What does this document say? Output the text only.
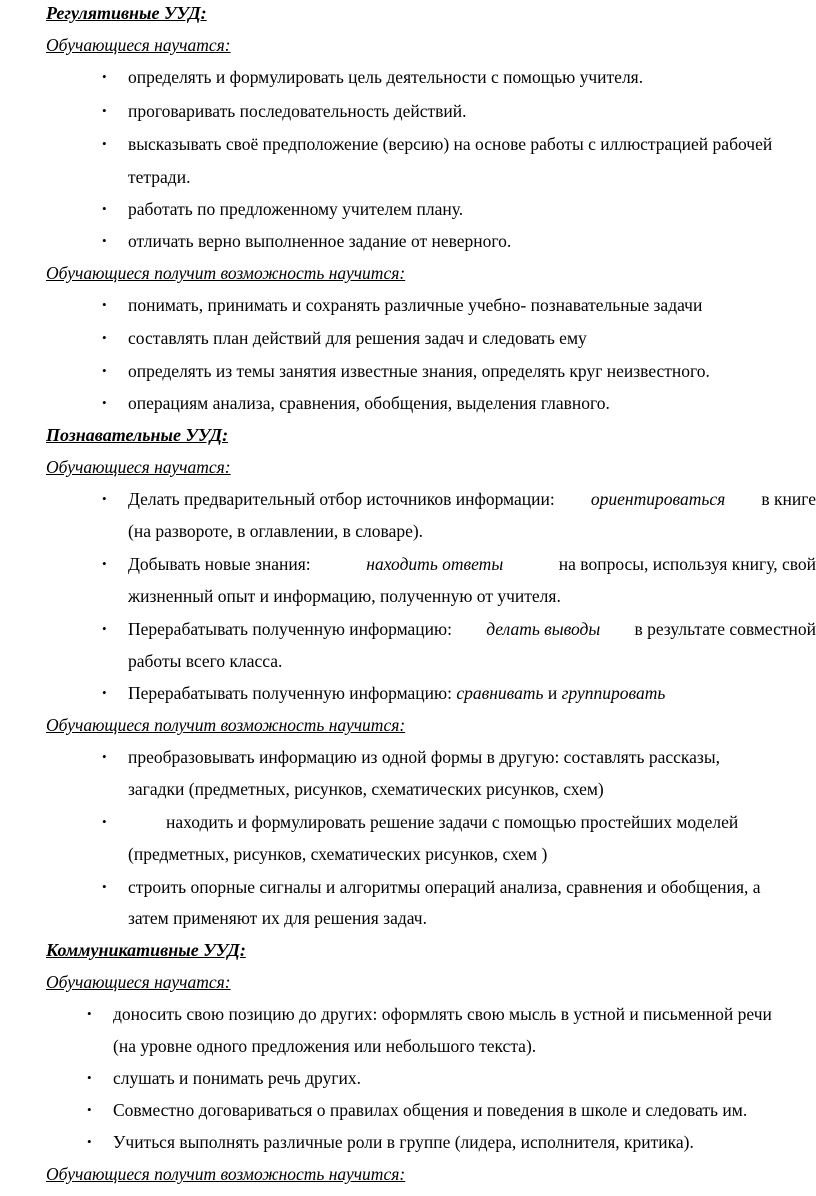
Регулятивные УУД:
Обучающиеся научатся:
• определять и формулировать цель деятельности с помощью учителя.
• проговаривать последовательность действий.
• высказывать своё предположение (версию) на основе работы с иллюстрацией рабочей
тетради.
• работать по предложенному учителем плану.
• отличать верно выполненное задание от неверного.
Обучающиеся получит возможность научится:
• понимать, принимать и сохранять различные учебно- познавательные задачи
• составлять план действий для решения задач и следовать ему
• определять из темы занятия известные знания, определять круг неизвестного.
• операциям анализа, сравнения, обобщения, выделения главного.
Познавательные УУД:
Обучающиеся научатся:
• Делать предварительный отбор источников информации: ориентироваться в книге
(на развороте, в оглавлении, в словаре).
• Добывать новые знания:	находить ответы	на вопросы, используя книгу, свой
жизненный опыт и информацию, полученную от учителя.
• Перерабатывать полученную информацию: делать выводы в результате совместной
работы всего класса.
• Перерабатывать полученную информацию: сравнивать и группировать
Обучающиеся получит возможность научится:
• преобразовывать информацию из одной формы в другую: составлять рассказы,
загадки (предметных, рисунков, схематических рисунков, схем)
•	находить и формулировать решение задачи с помощью простейших моделей
(предметных, рисунков, схематических рисунков, схем )
• строить опорные сигналы и алгоритмы операций анализа, сравнения и обобщения, а
затем применяют их для решения задач.
Коммуникативные УУД:
Обучающиеся научатся:
• доносить свою позицию до других: оформлять свою мысль в устной и письменной речи
(на уровне одного предложения или небольшого текста).
• слушать и понимать речь других.
• Совместно договариваться о правилах общения и поведения в школе и следовать им.
• Учиться выполнять различные роли в группе (лидера, исполнителя, критика).
Обучающиеся получит возможность научится:
